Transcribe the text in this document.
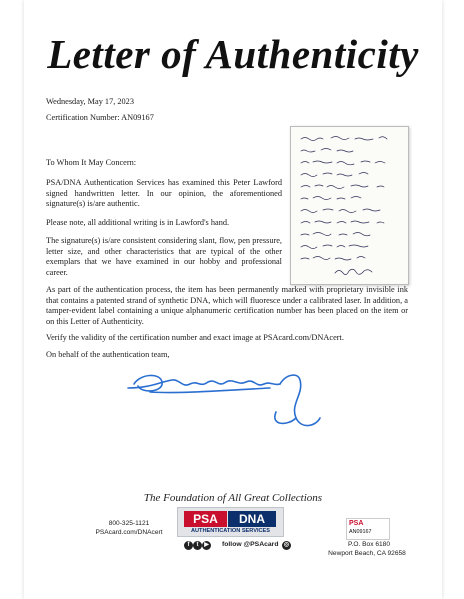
Letter of Authenticity
Wednesday, May 17, 2023
Certification Number: AN09167
To Whom It May Concern:
PSA/DNA Authentication Services has examined this Peter Lawford signed handwritten letter. In our opinion, the aforementioned signature(s) is/are authentic.
Please note, all additional writing is in Lawford's hand.
The signature(s) is/are consistent considering slant, flow, pen pressure, letter size, and other characteristics that are typical of the other exemplars that we have examined in our hobby and professional career.
As part of the authentication process, the item has been permanently marked with proprietary invisible ink that contains a patented strand of synthetic DNA, which will fluoresce under a calibrated laser. In addition, a tamper-evident label containing a unique alphanumeric certification number has been placed on the item or on this Letter of Authenticity.
Verify the validity of the certification number and exact image at PSAcard.com/DNAcert.
On behalf of the authentication team,
The Foundation of All Great Collections
800-325-1121
PSAcard.com/DNAcert
PSA	DNA
AUTHENTICATION SERVICES
f	t ▶	follow @PSAcard ◎
PSA
AN09167
P.O. Box 6180
Newport Beach, CA 92658
